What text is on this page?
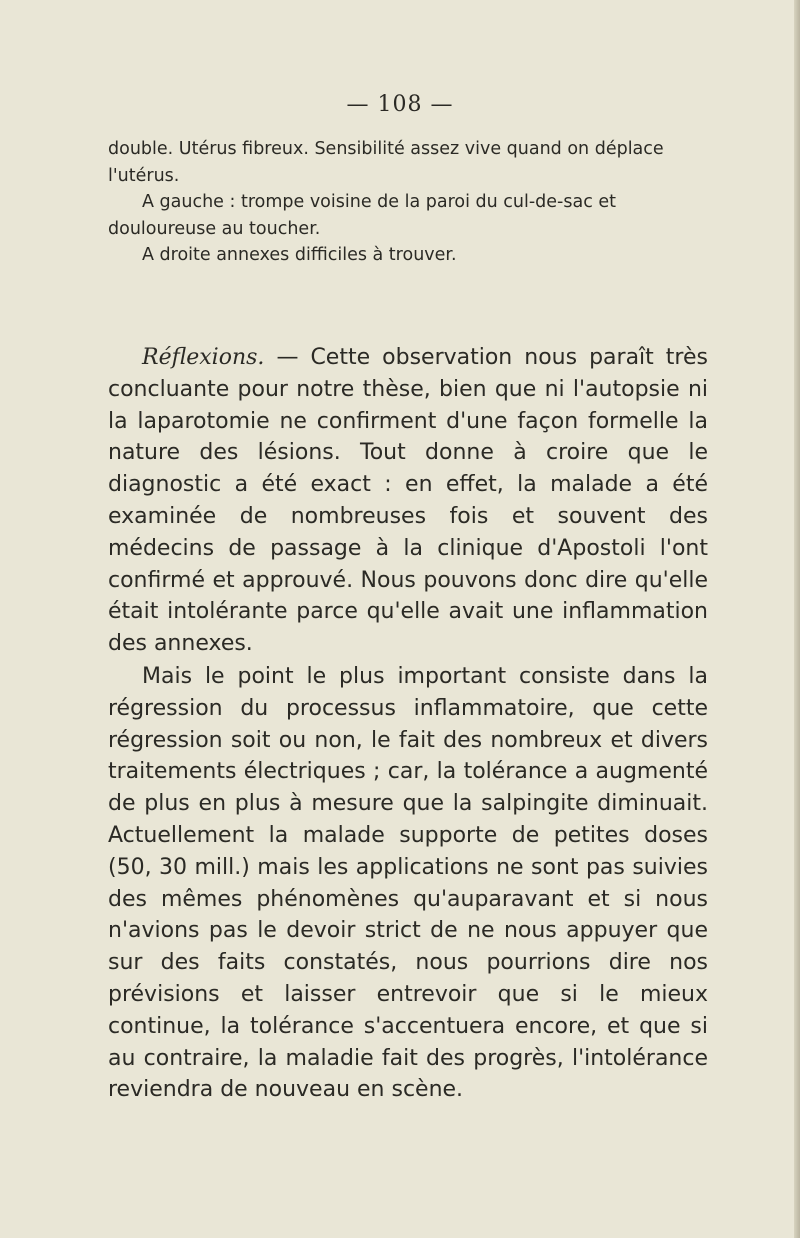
— 108 —

double. Utérus fibreux. Sensibilité assez vive quand on déplace l'utérus.

A gauche : trompe voisine de la paroi du cul-de-sac et douloureuse au toucher.

A droite annexes difficiles à trouver.

Réflexions. — Cette observation nous paraît très concluante pour notre thèse, bien que ni l'autopsie ni la laparotomie ne confirment d'une façon formelle la nature des lésions. Tout donne à croire que le diagnostic a été exact : en effet, la malade a été examinée de nombreuses fois et souvent des médecins de passage à la clinique d'Apostoli l'ont confirmé et approuvé. Nous pouvons donc dire qu'elle était intolérante parce qu'elle avait une inflammation des annexes.

Mais le point le plus important consiste dans la régression du processus inflammatoire, que cette régression soit ou non, le fait des nombreux et divers traitements électriques ; car, la tolérance a augmenté de plus en plus à mesure que la salpingite diminuait. Actuellement la malade supporte de petites doses (50, 30 mill.) mais les applications ne sont pas suivies des mêmes phénomènes qu'auparavant et si nous n'avions pas le devoir strict de ne nous appuyer que sur des faits constatés, nous pourrions dire nos prévisions et laisser entrevoir que si le mieux continue, la tolérance s'accentuera encore, et que si au contraire, la maladie fait des progrès, l'intolérance reviendra de nouveau en scène.
